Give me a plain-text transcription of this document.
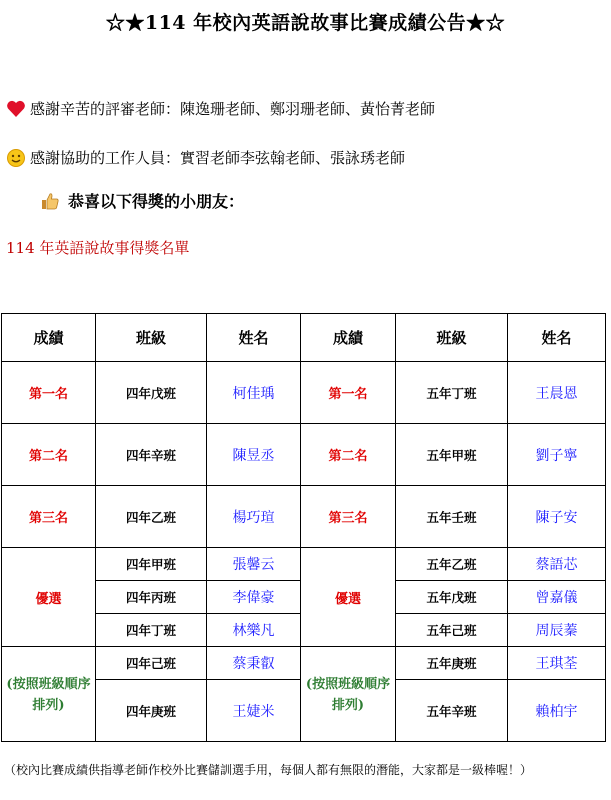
☆★114 年校內英語說故事比賽成績公告★☆
感謝辛苦的評審老師：陳逸珊老師、鄭羽珊老師、黃怡菁老師
感謝協助的工作人員：實習老師李弦翰老師、張詠琇老師
恭喜以下得獎的小朋友：
114 年英語說故事得獎名單
成績	班級	姓名	成績	班級	姓名
第一名	四年戊班	柯佳瑀	第一名	五年丁班	王晨恩
第二名	四年辛班	陳昱丞	第二名	五年甲班	劉子寧
第三名	四年乙班	楊巧瑄	第三名	五年壬班	陳子安
優選	四年甲班	張馨云	優選	五年乙班	蔡語芯
	四年丙班	李偉豪		五年戊班	曾嘉儀
	四年丁班	林樂凡		五年己班	周辰蓁
(按照班級順序排列)	四年己班	蔡秉叡	(按照班級順序排列)	五年庚班	王琪荃
	四年庚班	王婕米		五年辛班	賴柏宇
（校內比賽成績供指導老師作校外比賽儲訓選手用，每個人都有無限的潛能，大家都是一級棒喔！）
